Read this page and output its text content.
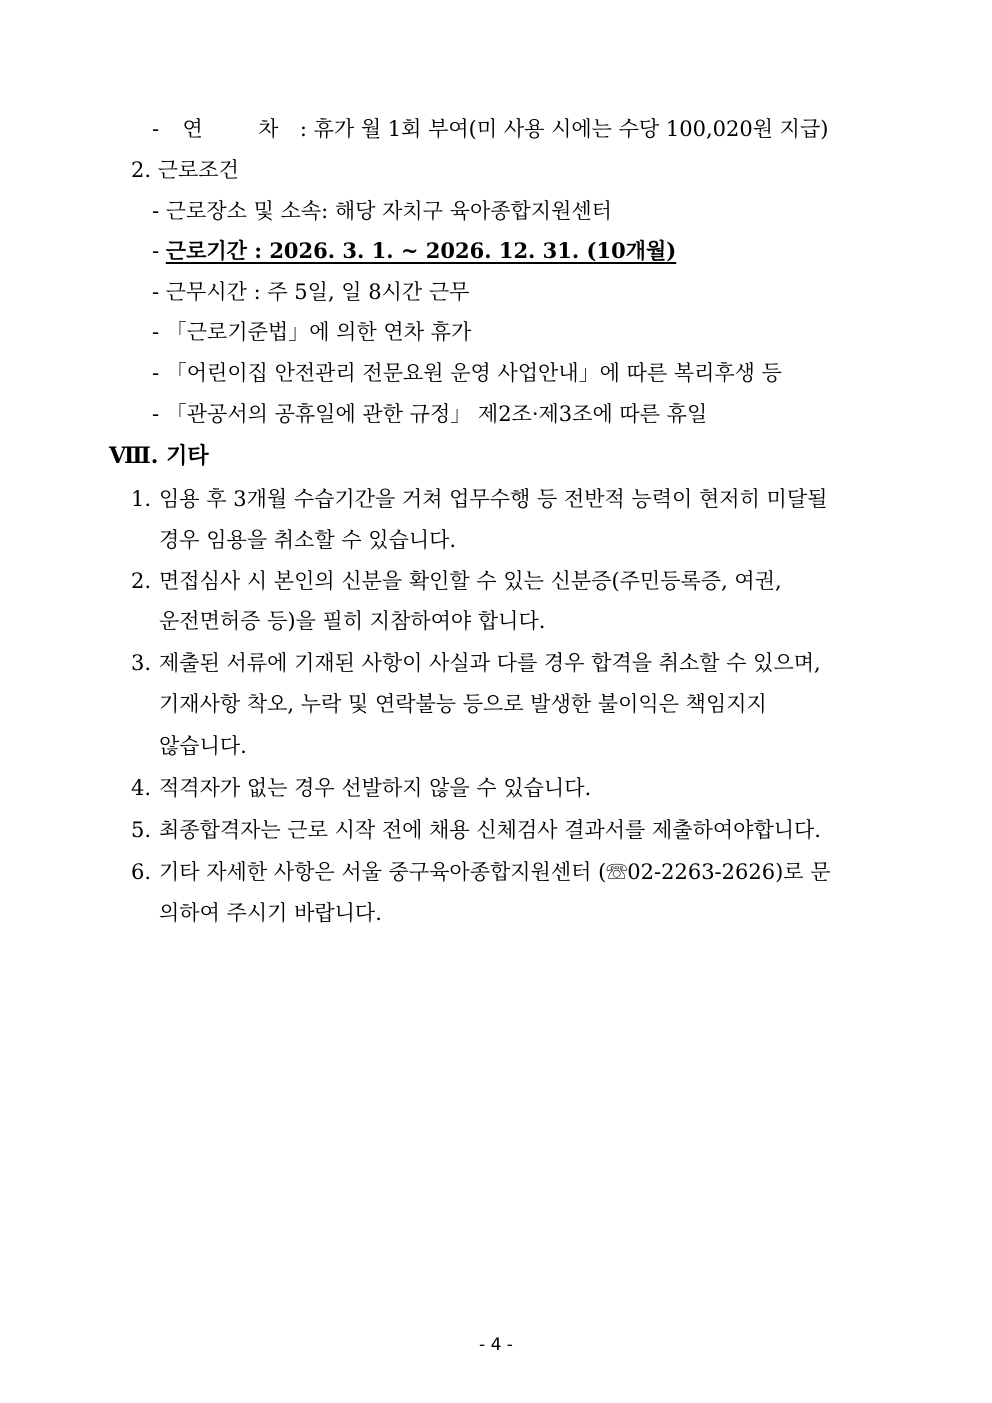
- 연	차 : 휴가 월 1회 부여(미 사용 시에는 수당 100,020원 지급)
2. 근로조건
- 근로장소 및 소속: 해당 자치구 육아종합지원센터
- 근로기간 : 2026. 3. 1. ~ 2026. 12. 31. (10개월)
- 근무시간 : 주 5일, 일 8시간 근무
- 「근로기준법」에 의한 연차 휴가
- 「어린이집 안전관리 전문요원 운영 사업안내」에 따른 복리후생 등
- 「관공서의 공휴일에 관한 규정」 제2조·제3조에 따른 휴일
Ⅷ. 기타
1. 임용 후 3개월 수습기간을 거쳐 업무수행 등 전반적 능력이 현저히 미달될
경우 임용을 취소할 수 있습니다.
2. 면접심사 시 본인의 신분을 확인할 수 있는 신분증(주민등록증, 여권,
운전면허증 등)을 필히 지참하여야 합니다.
3. 제출된 서류에 기재된 사항이 사실과 다를 경우 합격을 취소할 수 있으며,
기재사항 착오, 누락 및 연락불능 등으로 발생한 불이익은 책임지지
않습니다.
4. 적격자가 없는 경우 선발하지 않을 수 있습니다.
5. 최종합격자는 근로 시작 전에 채용 신체검사 결과서를 제출하여야합니다.
6. 기타 자세한 사항은 서울 중구육아종합지원센터 (☏02-2263-2626)로 문
의하여 주시기 바랍니다.
- 4 -
